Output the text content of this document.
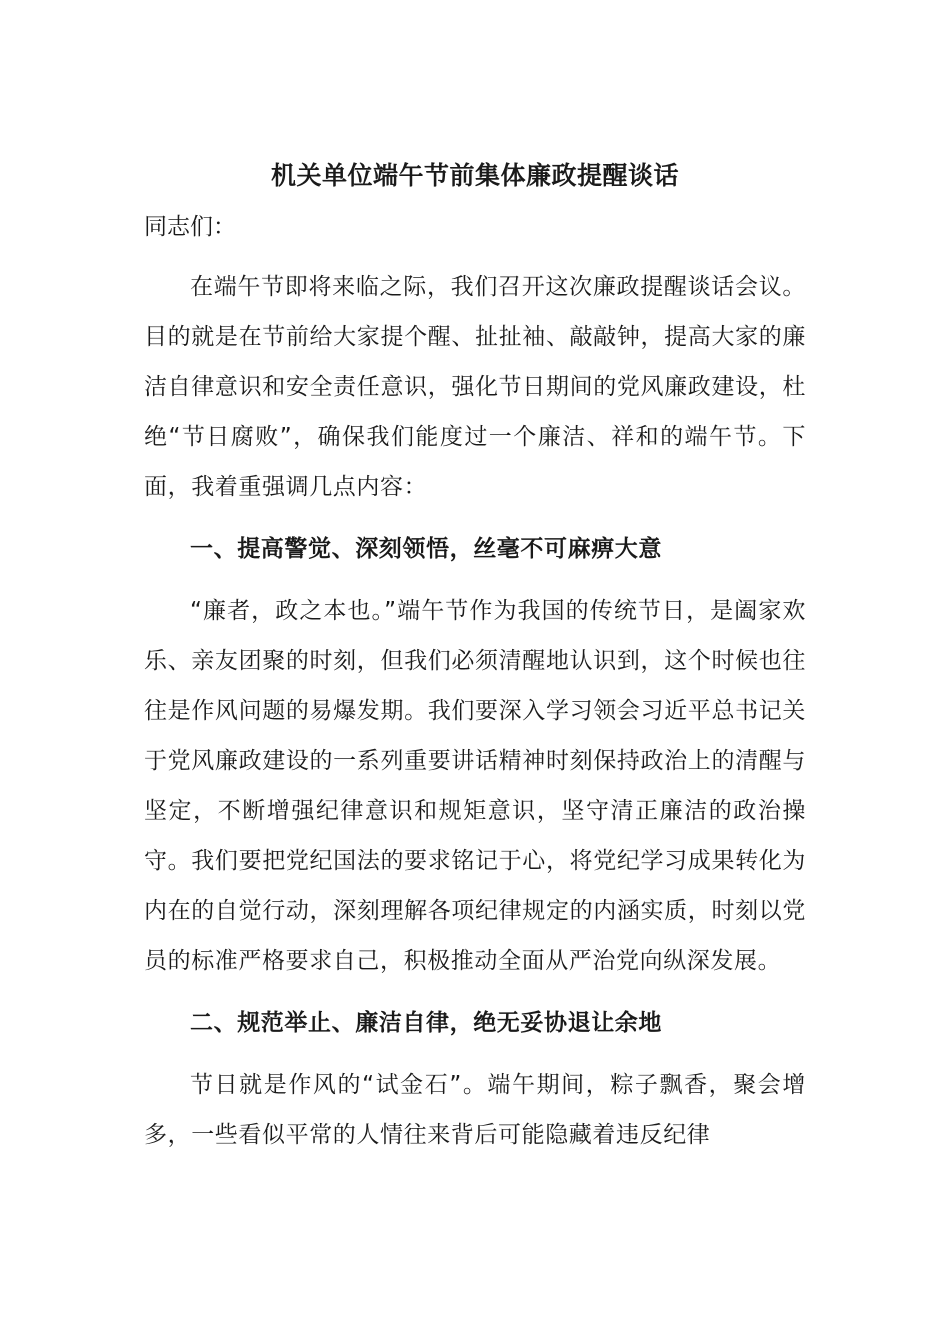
机关单位端午节前集体廉政提醒谈话

同志们：

在端午节即将来临之际，我们召开这次廉政提醒谈话会议。目的就是在节前给大家提个醒、扯扯袖、敲敲钟，提高大家的廉洁自律意识和安全责任意识，强化节日期间的党风廉政建设，杜绝“节日腐败”，确保我们能度过一个廉洁、祥和的端午节。下面，我着重强调几点内容：

一、提高警觉、深刻领悟，丝毫不可麻痹大意

“廉者，政之本也。”端午节作为我国的传统节日，是阖家欢乐、亲友团聚的时刻，但我们必须清醒地认识到，这个时候也往往是作风问题的易爆发期。我们要深入学习领会习近平总书记关于党风廉政建设的一系列重要讲话精神时刻保持政治上的清醒与坚定，不断增强纪律意识和规矩意识，坚守清正廉洁的政治操守。我们要把党纪国法的要求铭记于心，将党纪学习成果转化为内在的自觉行动，深刻理解各项纪律规定的内涵实质，时刻以党员的标准严格要求自己，积极推动全面从严治党向纵深发展。

二、规范举止、廉洁自律，绝无妥协退让余地

节日就是作风的“试金石”。端午期间，粽子飘香，聚会增多，一些看似平常的人情往来背后可能隐藏着违反纪律
